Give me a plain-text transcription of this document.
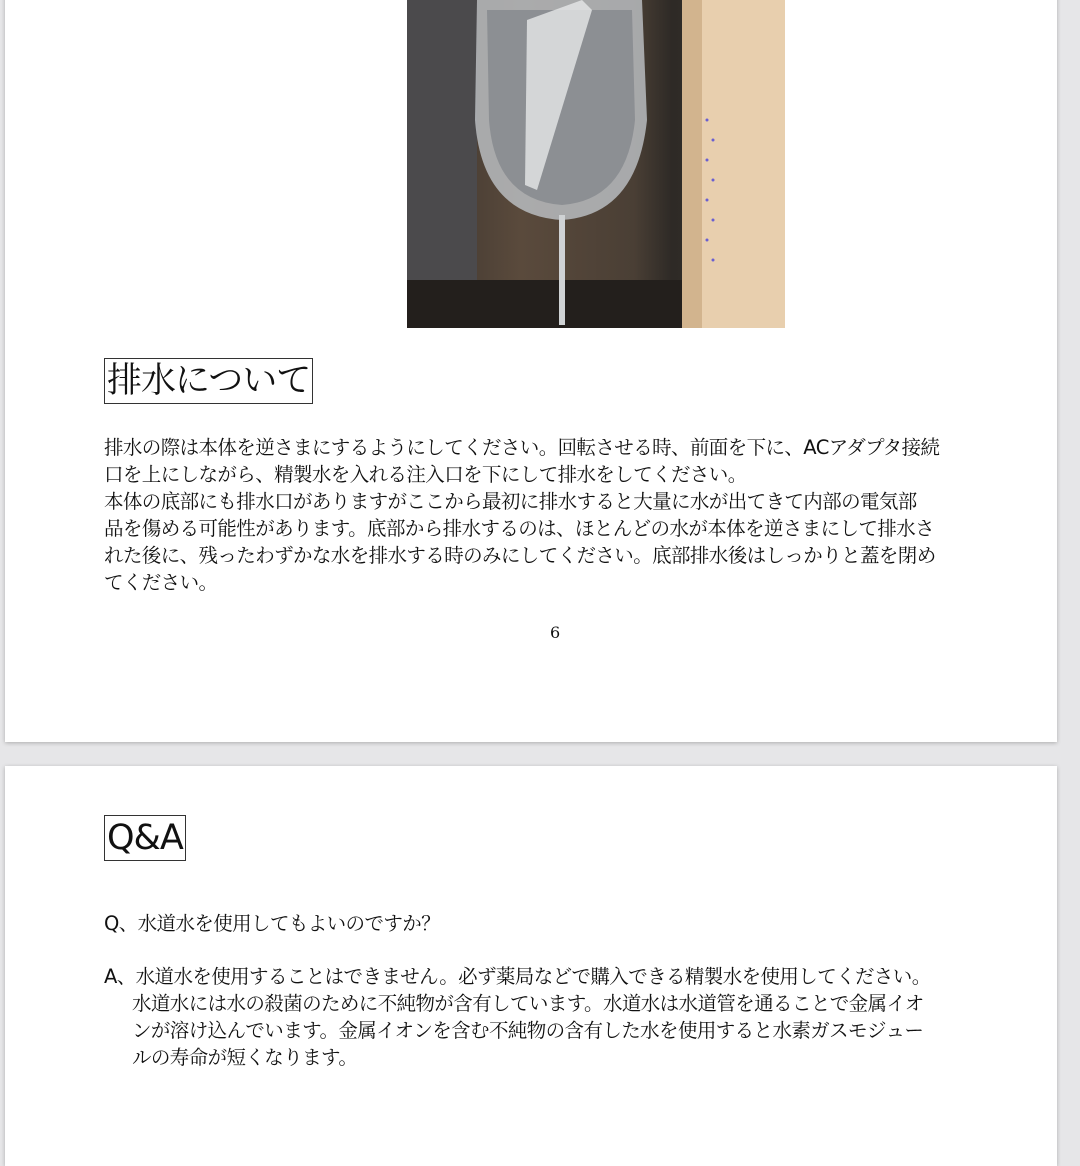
排水について
排水の際は本体を逆さまにするようにしてください。回転させる時、前面を下に、ACアダプタ接続
口を上にしながら、精製水を入れる注入口を下にして排水をしてください。
本体の底部にも排水口がありますがここから最初に排水すると大量に水が出てきて内部の電気部
品を傷める可能性があります。底部から排水するのは、ほとんどの水が本体を逆さまにして排水さ
れた後に、残ったわずかな水を排水する時のみにしてください。底部排水後はしっかりと蓋を閉め
てください。
6
Q&A
Q、水道水を使用してもよいのですか？
A、水道水を使用することはできません。必ず薬局などで購入できる精製水を使用してください。
水道水には水の殺菌のために不純物が含有しています。水道水は水道管を通ることで金属イオ
ンが溶け込んでいます。金属イオンを含む不純物の含有した水を使用すると水素ガスモジュー
ルの寿命が短くなります。
